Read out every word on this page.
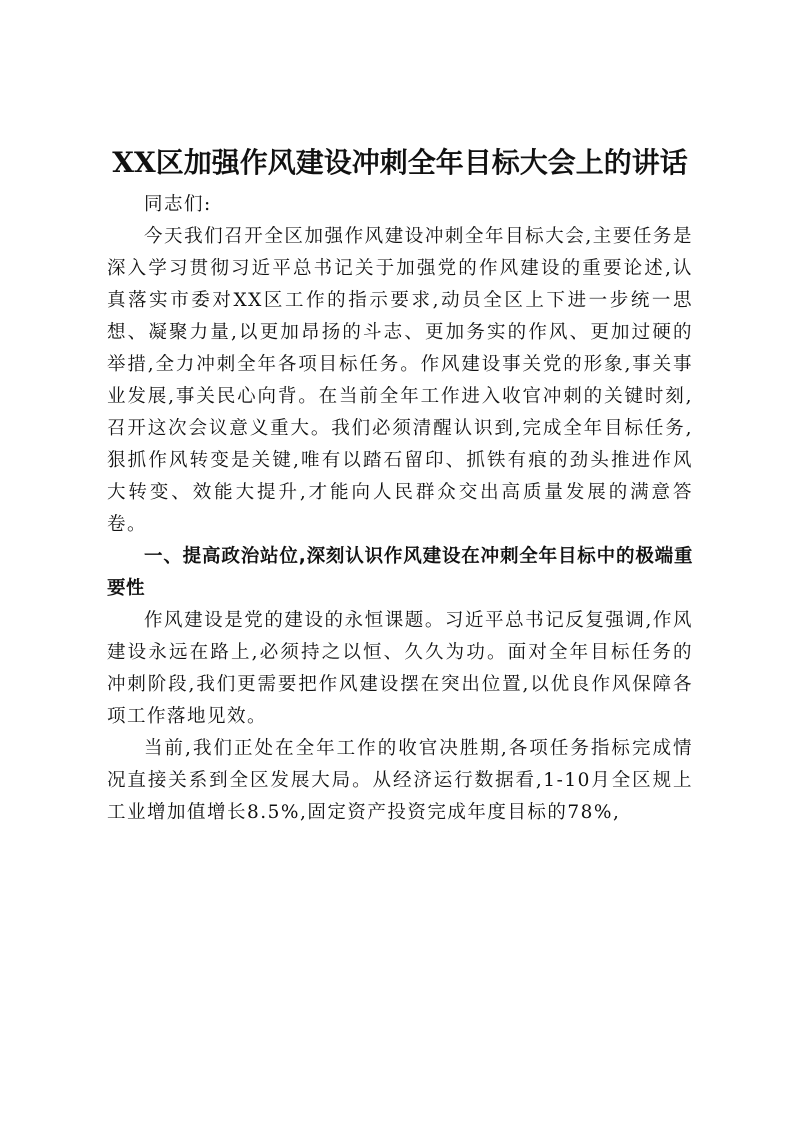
XX区加强作风建设冲刺全年目标大会上的讲话

同志们:

今天我们召开全区加强作风建设冲刺全年目标大会,主要任务是深入学习贯彻习近平总书记关于加强党的作风建设的重要论述,认真落实市委对XX区工作的指示要求,动员全区上下进一步统一思想、凝聚力量,以更加昂扬的斗志、更加务实的作风、更加过硬的举措,全力冲刺全年各项目标任务。作风建设事关党的形象,事关事业发展,事关民心向背。在当前全年工作进入收官冲刺的关键时刻,召开这次会议意义重大。我们必须清醒认识到,完成全年目标任务,狠抓作风转变是关键,唯有以踏石留印、抓铁有痕的劲头推进作风大转变、效能大提升,才能向人民群众交出高质量发展的满意答卷。

一、提高政治站位,深刻认识作风建设在冲刺全年目标中的极端重要性

作风建设是党的建设的永恒课题。习近平总书记反复强调,作风建设永远在路上,必须持之以恒、久久为功。面对全年目标任务的冲刺阶段,我们更需要把作风建设摆在突出位置,以优良作风保障各项工作落地见效。

当前,我们正处在全年工作的收官决胜期,各项任务指标完成情况直接关系到全区发展大局。从经济运行数据看,1-10月全区规上工业增加值增长8.5%,固定资产投资完成年度目标的78%,
